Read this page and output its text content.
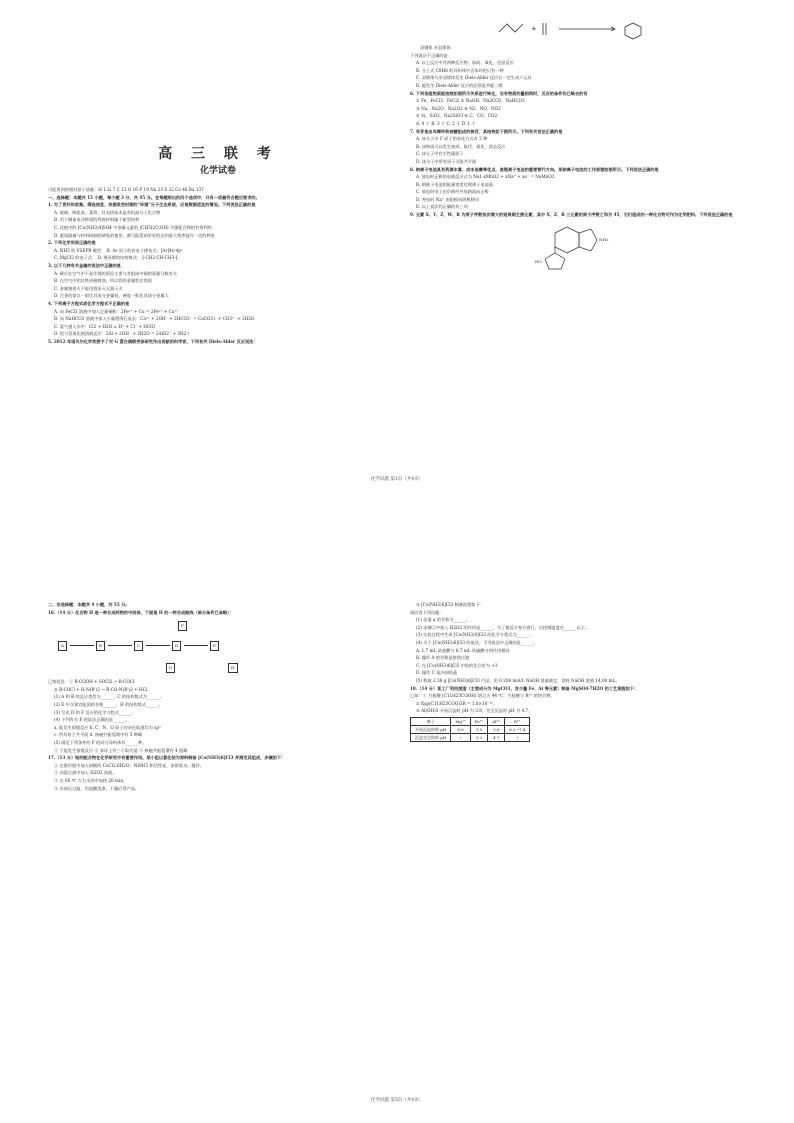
高 三 联 考
化学试卷
可能用到的相对原子质量：H 1 Li 7 C 12 O 16 F 19 Na 23 S 32 Co 48 Ba 137
一、选择题：本题共 15 小题，每小题 3 分，共 45 分。在每题给出的四个选项中，只有一项最符合题目要求的。
1. 为了更好的收集、筛选信息，依据某些时期的“环境”分子生态系统，应是数据适宜的情况。下列说法正确的是
A. 玻璃、陶瓷表、菜肴、其光热技术是有机高分子化合物
B. 用于制造电动桥梁的焊接材料属于新型材料
C. 花炮中的 [Cu(NH3)4]SO4 中金属元素的 (CH3)2C(OH) 为强配合物的有效利用
D. 素质隔离与材料研制的研发的使用，都可能帮助更好的达到最大效率提升一定的种类
2. 下列化学用语正确的是
A. NH3 的 VSEPR 模型： B. As 原子的价电子排布式：[Ar]4s²4p³
C. MgCl2 的电子式： D. 聚丙烯的结构简式：-[-CH2-CH-CH3-]-
3. 以下几种有关金属的说法中正确的是
A. 硬币在空气中不易生锈的原因主要与其组成中铜的质量分数有关
B. 在空气中铝比铁更耐腐蚀，所以铝的金属性比铁弱
C. 金属钠着火不能用泡沫灭火器灭火
D. 合金的熔点一般比其成分金属低，硬度一般比其成分金属大
4. 下列离子方程式或化学方程式不正确的是
A. 向 FeCl3 溶液中加入足量铜粉：2Fe³⁺ + Cu = 2Fe²⁺ + Cu²⁺
B. 向 NaHCO3 溶液中加入少量澄清石灰水：Ca²⁺ + 2OH⁻ + 2HCO3⁻ = CaCO3↓ + CO3²⁻ + 2H2O
C. 氯气通入水中：Cl2 + H2O ⇌ H⁺ + Cl⁻ + HClO
D. 铝与氢氧化钠溶液反应：2Al + 2OH⁻ + 2H2O = 2AlO2⁻ + 3H2↑
5. 2012 年诺贝尔化学奖授予了对 G 蛋白偶联受体研究作出贡献的科学家，下列有关 Diels-Alder 反应说法：
+
双键体 亲双烯体
下列说法不正确的是
A. 以上反应中有两种反应物：加成、氧化、还原反应
B. 分子式 C8H8 的异构体中含苯环的只有一种
C. 双烯体与亲双烯体发生 Diels-Alder 反应后一定生成六元环
D. 能发生 Diels-Alder 反应的必须是共轭二烯
6. 下列各组物质能按照如图所示关系进行转化，当有物质的量相同时，反应的条件均已略去的有
① Fe、FeCl3、FeCl2 ② NaOH、Na2CO3、NaHCO3
③ Na、Na2O、Na2O2 ④ N2、NO、NO2
⑤ Si、SiO2、Na2SiO3 ⑥ C、CO、CO2
A. 4 个 B. 3 个 C. 2 个 D. 1 个
7. 鸟苷是由鸟嘌呤和核糖组成的核苷，其结构如下图所示。下列有关说法正确的是
A. 该分子中 C 原子的杂化方式有 2 种
B. 该物质可以发生加成、取代、氧化、消去反应
C. 该分子中有手性碳原子
D. 该分子中所有原子可能共平面
8. 钠离子电池具有资源丰富、成本低廉等优点，是锂离子电池的重要替代方向。某钠离子电池的工作原理如图所示。下列说法正确的是
A. 放电时正极的电极反应式为 Na1-xMnO2 + xNa⁺ + xe⁻ = NaMnO2
B. 钠离子电池的能量密度比锂离子电池高
C. 放电时电子由负极经外电路流向正极
D. 充电时 Na⁺ 由阳极向阴极移动
E. 以上说法均正确的有三项
9. 元素 X、Y、Z、W、R 为原子序数依次增大的短周期主族元素，其中 X、Z、R 三元素的原子序数之和为 45，它们组成的一种化合物可作为化学肥料。下列说法正确的是
NH2
HO
化学试题 第1页（共4页）
二、非选择题：本题共 4 小题，共 55 分。
16.（14 分）化合物 H 是一种合成药物的中间体，下面是 H 的一种合成路线（部分条件已省略）：
A	B	C	D	E
F
G	H
已知信息：① R-COOH + SOCl2 → R-COCl
② R-COCl + H-N(R')2 → R-CO-N(R')2 + HCl
(1) A 和 B 的反应类型为______，C 的结构简式为______。
(2) E 中含氧官能团的名称______，H 的结构简式______。
(3) 写出 D 和 F 反应的化学方程式______。
(4) 下列有关 F 的说法正确的是______。
a. 能发生银镜反应 b. C、N、O 原子的杂化轨道均为 sp³
c. 所有原子共平面 d. 核磁共振氢谱中有 5 种峰
(5) 满足下列条件的 F 的同分异构体有______种。
① 不能发生银镜反应 ② 苯环上有三个取代基 ③ 核磁共振氢谱有 4 组峰
17.（13 分）钴的配合物在化学研究中有重要作用。某小组以氯化钴为原料制备 [Co(NH3)6]Cl3 并测定其组成，步骤如下：
① 在锥形瓶中加入研细的 CoCl2·6H2O、NH4Cl 和活性炭，加浓氨水，搅拌。
② 向混合液中加入 H2O2 溶液。
③ 在 60 ℃ 左右水浴中加热 20 min。
④ 冷却后过滤，用盐酸洗涤，干燥后得产品。
③ [Co(NH3)6]Cl3 制备流程如下：
请回答下列问题：
(1) 仪器 a 的名称为______。
(2) 步骤②中加入 H2O2 的作用是______，为了使反应充分进行，应控制温度在______以下。
(3) 实验过程中生成 [Co(NH3)6]Cl3 的化学方程式为______。
(4) 关于 [Co(NH3)6]Cl3 的说法，下列说法中正确的是______。
A. 1.7 mL 浓盐酸与 6.7 mL 浓硫酸分别作用相同
B. 操作 A 的名称是趁热过滤
C. 在 [Co(NH3)6]Cl3 中钴的化合价为 +3
D. 操作 C 是冷却结晶
(5) 称取 2.38 g [Co(NH3)6]Cl3 产品，用 0.200 mol/L NaOH 溶液滴定，消耗 NaOH 溶液 14.00 mL。
18.（14 分）某工厂利用废渣（主要成分为 MgCO3，含少量 Fe、Al 等元素）制备 MgSO4·7H2O 的工艺流程如下：
已知：① 月桂酸 (C11H23COOH) 熔点为 44 ℃；月桂酸与 R³⁺ 的络合物。
② Ksp(C11H23COO)3R = 1.8×10⁻¹⁶。
③ Al(OH)3 开始沉淀时 pH 为 3.8，完全沉淀时 pH 为 4.7。
离子	Mg²⁺	Fe³⁺	Al³⁺	R³⁺
开始沉淀时的 pH	8.8	1.5	3.6	6.2~7.4
沉淀完全时的 pH	/	3.2	4.7	/
化学试题 第3页（共4页）
